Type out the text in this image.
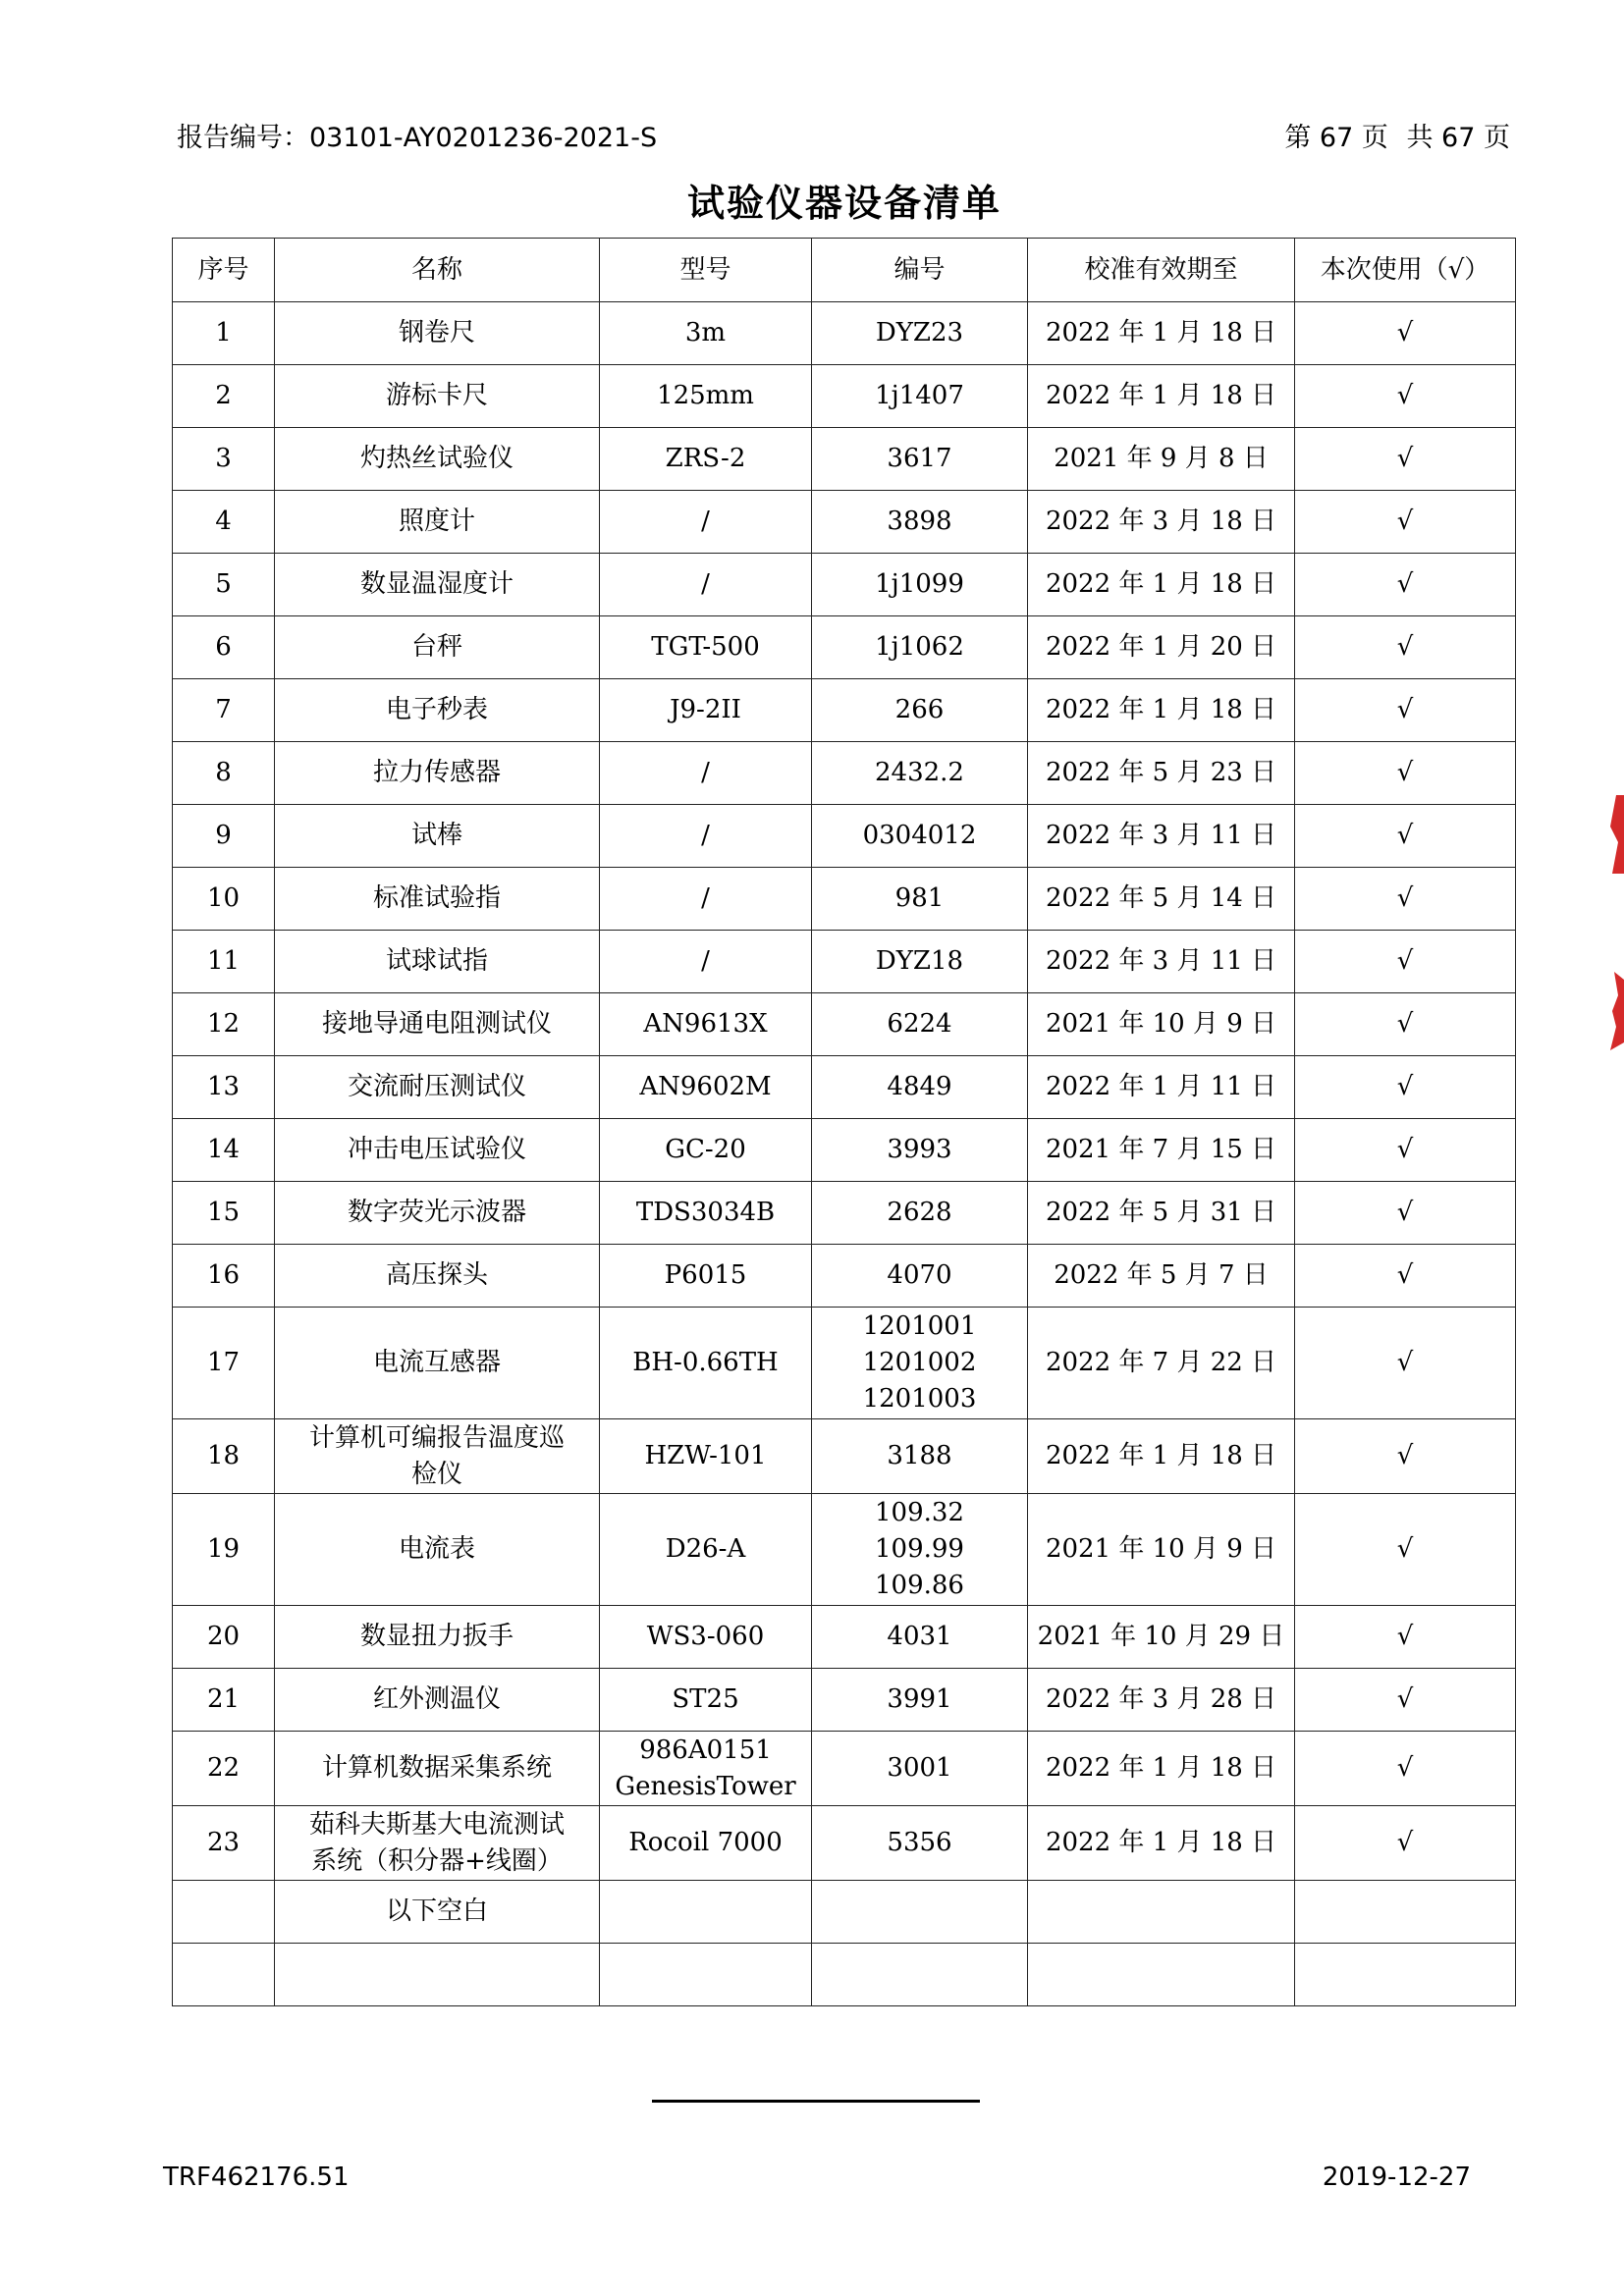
报告编号：03101-AY0201236-2021-S	第 67 页 共 67 页
试验仪器设备清单
序号	名称	型号	编号	校准有效期至	本次使用（√）
1	钢卷尺	3m	DYZ23	2022 年 1 月 18 日	√
2	游标卡尺	125mm	1j1407	2022 年 1 月 18 日	√
3	灼热丝试验仪	ZRS-2	3617	2021 年 9 月 8 日	√
4	照度计	/	3898	2022 年 3 月 18 日	√
5	数显温湿度计	/	1j1099	2022 年 1 月 18 日	√
6	台秤	TGT-500	1j1062	2022 年 1 月 20 日	√
7	电子秒表	J9-2II	266	2022 年 1 月 18 日	√
8	拉力传感器	/	2432.2	2022 年 5 月 23 日	√
9	试棒	/	0304012	2022 年 3 月 11 日	√
10	标准试验指	/	981	2022 年 5 月 14 日	√
11	试球试指	/	DYZ18	2022 年 3 月 11 日	√
12	接地导通电阻测试仪	AN9613X	6224	2021 年 10 月 9 日	√
13	交流耐压测试仪	AN9602M	4849	2022 年 1 月 11 日	√
14	冲击电压试验仪	GC-20	3993	2021 年 7 月 15 日	√
15	数字荧光示波器	TDS3034B	2628	2022 年 5 月 31 日	√
16	高压探头	P6015	4070	2022 年 5 月 7 日	√
17	电流互感器	BH-0.66TH	1201001
1201002
1201003	2022 年 7 月 22 日	√
18	计算机可编报告温度巡
检仪	HZW-101	3188	2022 年 1 月 18 日	√
19	电流表	D26-A	109.32
109.99
109.86	2021 年 10 月 9 日	√
20	数显扭力扳手	WS3-060	4031	2021 年 10 月 29 日	√
21	红外测温仪	ST25	3991	2022 年 3 月 28 日	√
22	计算机数据采集系统	986A0151
GenesisTower	3001	2022 年 1 月 18 日	√
23	茹科夫斯基大电流测试
系统（积分器+线圈）	Rocoil 7000	5356	2022 年 1 月 18 日	√
	以下空白		

TRF462176.51	2019-12-27
